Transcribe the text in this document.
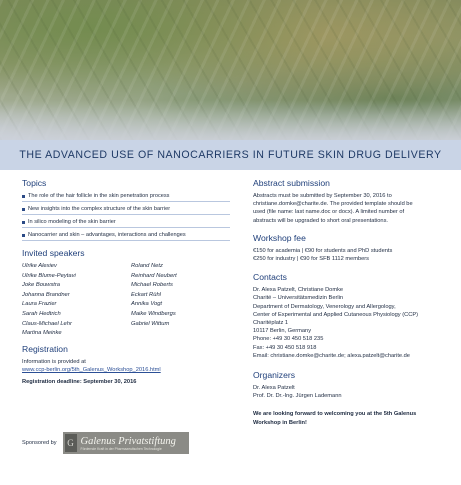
THE ADVANCED USE OF NANOCARRIERS IN FUTURE SKIN DRUG DELIVERY
Topics
The role of the hair follicle in the skin penetration process
New insights into the complex structure of the skin barrier
In silico modeling of the skin barrier
Nanocarrier and skin – advantages, interactions and challenges
Invited speakers
Ulrike Alexiev
Ulrike Blume-Peytavi
Joke Bouwstra
Johanna Brandner
Laura Frazier
Sarah Hedtrich
Claus-Michael Lehr
Martina Meinke
Roland Netz
Reinhard Neubert
Michael Roberts
Eckart Rühl
Annika Vogt
Maike Windbergs
Gabriel Wittum
Registration
Information is provided at
www.ccp-berlin.org/5th_Galenus_Workshop_2016.html
Registration deadline: September 30, 2016
Sponsored by	G Galenus Privatstiftung
Fördernde Kraft in der Pharmazeutischen Technologie
Abstract submission
Abstracts must be submitted by September 30, 2016 to
christiane.domke@charite.de. The provided template should be
used (file name: last name.doc or docx). A limited number of
abstracts will be upgraded to short oral presentations.
Workshop fee
€150 for academia | €90 for students and PhD students
€250 for industry | €90 for SFB 1112 members
Contacts
Dr. Alexa Patzelt, Christiane Domke
Charité – Universitätsmedizin Berlin
Department of Dermatology, Venerology and Allergology,
Center of Experimental and Applied Cutaneous Physiology (CCP)
Charitéplatz 1
10117 Berlin, Germany
Phone: +49 30 450 518 235
Fax: +49 30 450 518 918
Email: christiane.domke@charite.de; alexa.patzelt@charite.de
Organizers
Dr. Alexa Patzelt
Prof. Dr. Dr.-Ing. Jürgen Lademann
We are looking forward to welcoming you at the 5th Galenus
Workshop in Berlin!
